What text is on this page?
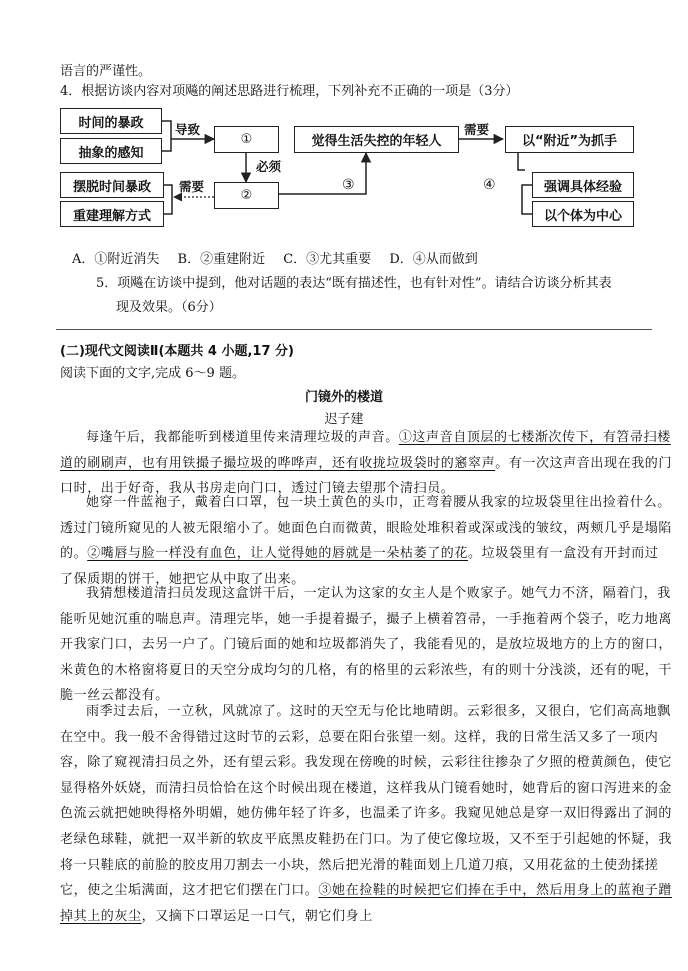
语言的严谨性。
4．根据访谈内容对项飚的阐述思路进行梳理，下列补充不正确的一项是（3分）
时间的暴政
抽象的感知
摆脱时间暴政
重建理解方式
①
②
觉得生活失控的年轻人	以“附近”为抓手
强调具体经验
以个体为中心
导致
必须
需要
需要
③	④
A．①附近消失 B．②重建附近 C．③尤其重要 D．④从而做到
5．项飚在访谈中提到，他对话题的表达“既有描述性，也有针对性”。请结合访谈分析其表
现及效果。（6分）
(二)现代文阅读Ⅱ(本题共 4 小题,17 分)
阅读下面的文字,完成 6～9 题。
门镜外的楼道
迟子建

每逢午后，我都能听到楼道里传来清理垃圾的声音。①这声音自顶层的七楼渐次传下，有笤帚扫楼道的刷刷声，也有用铁撮子撮垃圾的哗哗声，还有收拢垃圾袋时的窸窣声。有一次这声音出现在我的门口时，出于好奇，我从书房走向门口，透过门镜去望那个清扫员。

她穿一件蓝袍子，戴着白口罩，包一块土黄色的头巾，正弯着腰从我家的垃圾袋里往出捡着什么。透过门镜所窥见的人被无限缩小了。她面色白而微黄，眼睑处堆积着或深或浅的皱纹，两颊几乎是塌陷的。②嘴唇与脸一样没有血色，让人觉得她的唇就是一朵枯萎了的花。垃圾袋里有一盒没有开封而过了保质期的饼干，她把它从中取了出来。

我猜想楼道清扫员发现这盒饼干后，一定认为这家的女主人是个败家子。她气力不济，隔着门，我能听见她沉重的喘息声。清理完毕，她一手提着撮子，撮子上横着笤帚，一手拖着两个袋子，吃力地离开我家门口，去另一户了。门镜后面的她和垃圾都消失了，我能看见的，是放垃圾地方的上方的窗口，米黄色的木格窗将夏日的天空分成均匀的几格，有的格里的云彩浓些，有的则十分浅淡，还有的呢，干脆一丝云都没有。

雨季过去后，一立秋，风就凉了。这时的天空无与伦比地晴朗。云彩很多，又很白，它们高高地飘在空中。我一般不舍得错过这时节的云彩，总要在阳台张望一刻。这样，我的日常生活又多了一项内容，除了窥视清扫员之外，还有望云彩。我发现在傍晚的时候，云彩往往掺杂了夕照的橙黄颜色，使它显得格外妖娆，而清扫员恰恰在这个时候出现在楼道，这样我从门镜看她时，她背后的窗口泻进来的金色流云就把她映得格外明媚，她仿佛年轻了许多，也温柔了许多。我窥见她总是穿一双旧得露出了洞的老绿色球鞋，就把一双半新的软皮平底黑皮鞋扔在门口。为了使它像垃圾，又不至于引起她的怀疑，我将一只鞋底的前脸的胶皮用刀割去一小块，然后把光滑的鞋面划上几道刀痕，又用花盆的土使劲揉搓它，使之尘垢满面，这才把它们摆在门口。③她在捡鞋的时候把它们捧在手中，然后用身上的蓝袍子蹭掉其上的灰尘，又摘下口罩运足一口气，朝它们身上
